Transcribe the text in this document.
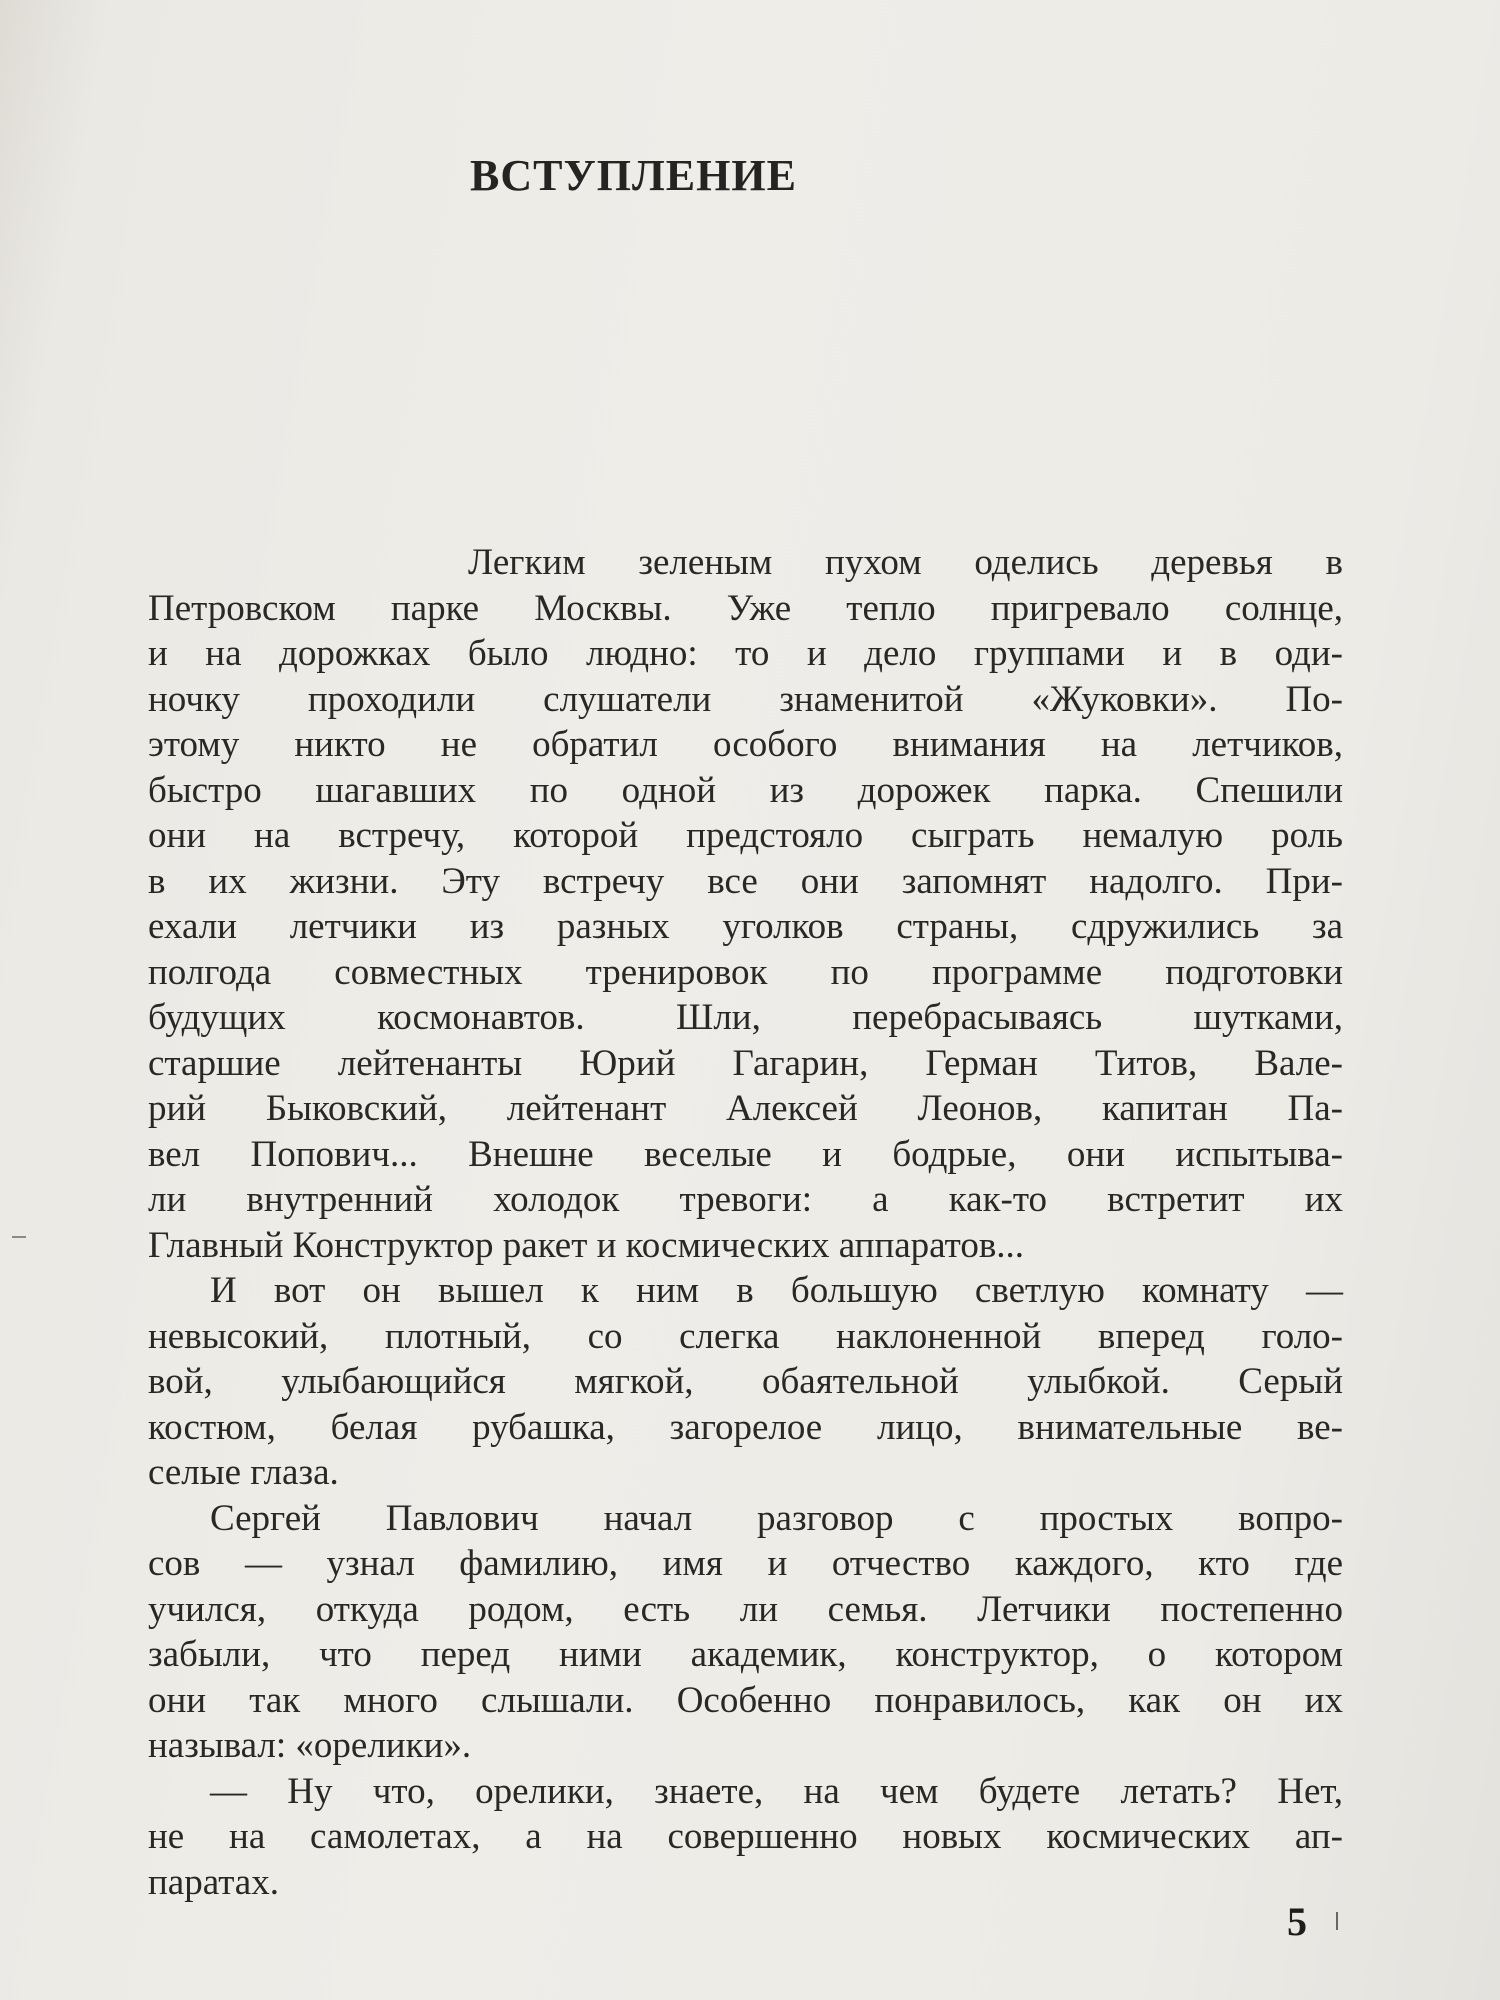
ВСТУПЛЕНИЕ
Легким зеленым пухом оделись деревья в
Петровском парке Москвы. Уже тепло пригревало солнце,
и на дорожках было людно: то и дело группами и в оди-
ночку проходили слушатели знаменитой «Жуковки». По-
этому никто не обратил особого внимания на летчиков,
быстро шагавших по одной из дорожек парка. Спешили
они на встречу, которой предстояло сыграть немалую роль
в их жизни. Эту встречу все они запомнят надолго. При-
ехали летчики из разных уголков страны, сдружились за
полгода совместных тренировок по программе подготовки
будущих космонавтов. Шли, перебрасываясь шутками,
старшие лейтенанты Юрий Гагарин, Герман Титов, Вале-
рий Быковский, лейтенант Алексей Леонов, капитан Па-
вел Попович... Внешне веселые и бодрые, они испытыва-
ли внутренний холодок тревоги: а как-то встретит их
Главный Конструктор ракет и космических аппаратов...
И вот он вышел к ним в большую светлую комнату —
невысокий, плотный, со слегка наклоненной вперед голо-
вой, улыбающийся мягкой, обаятельной улыбкой. Серый
костюм, белая рубашка, загорелое лицо, внимательные ве-
селые глаза.
Сергей Павлович начал разговор с простых вопро-
сов — узнал фамилию, имя и отчество каждого, кто где
учился, откуда родом, есть ли семья. Летчики постепенно
забыли, что перед ними академик, конструктор, о котором
они так много слышали. Особенно понравилось, как он их
называл: «орелики».
— Ну что, орелики, знаете, на чем будете летать? Нет,
не на самолетах, а на совершенно новых космических ап-
паратах.
5
